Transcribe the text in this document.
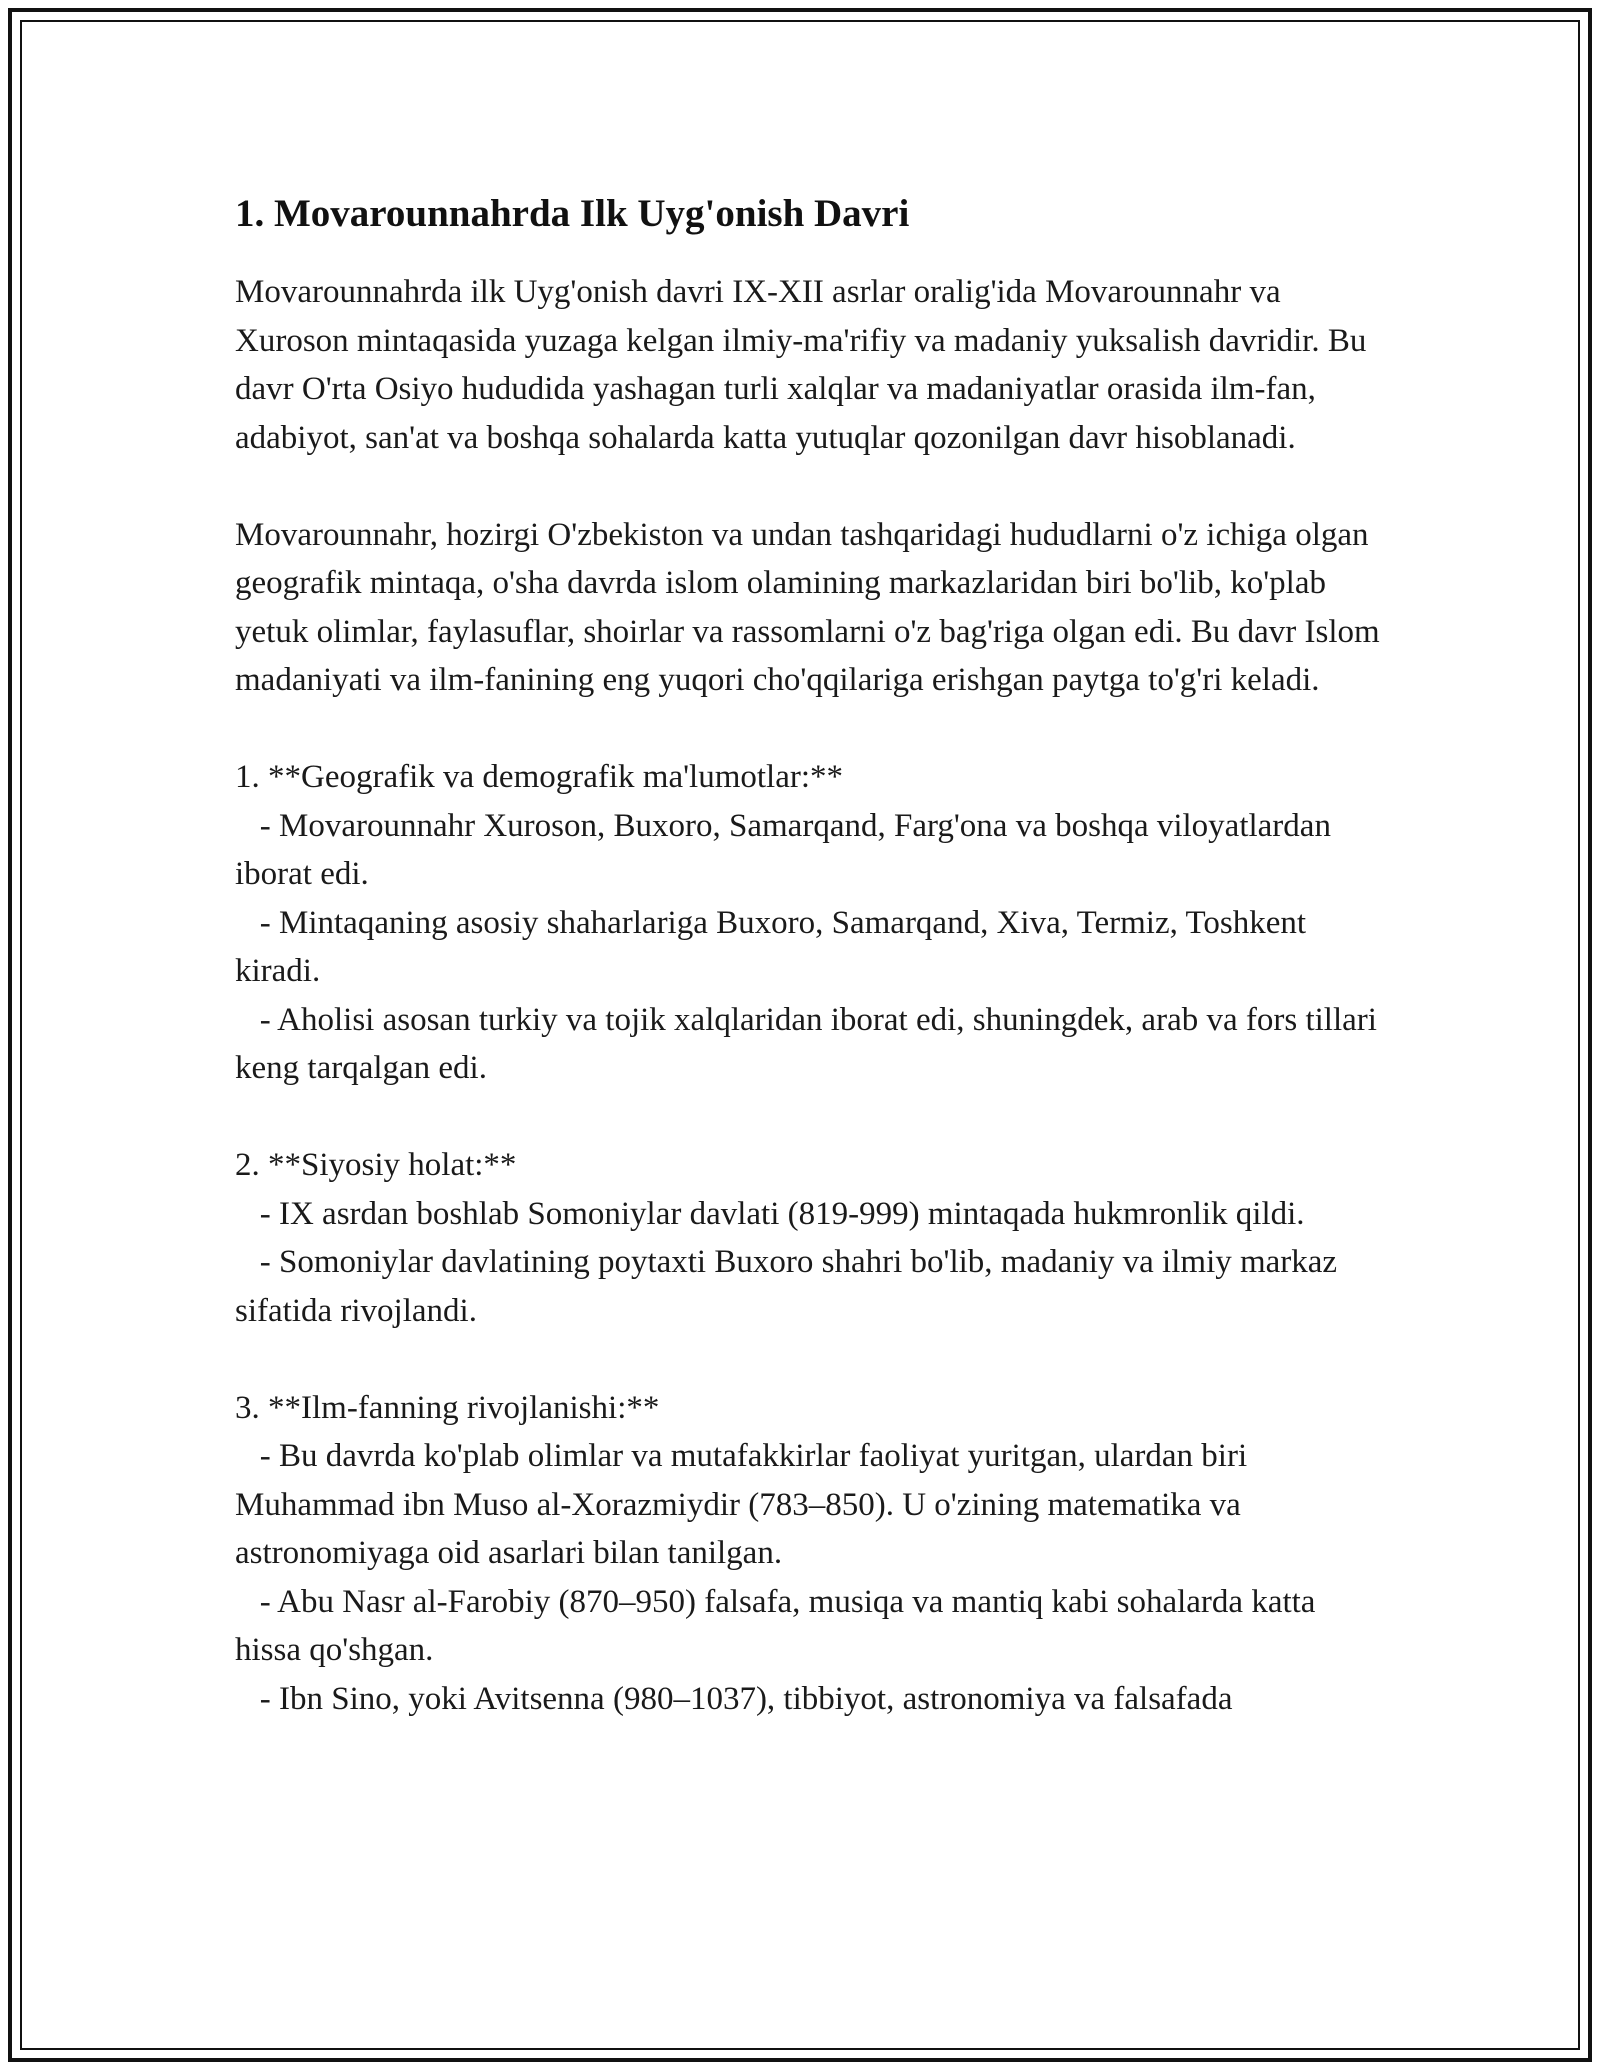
1. Movarounnahrda Ilk Uyg'onish Davri

Movarounnahrda ilk Uyg'onish davri IX-XII asrlar oralig'ida Movarounnahr va Xuroson mintaqasida yuzaga kelgan ilmiy-ma'rifiy va madaniy yuksalish davridir. Bu davr O'rta Osiyo hududida yashagan turli xalqlar va madaniyatlar orasida ilm-fan, adabiyot, san'at va boshqa sohalarda katta yutuqlar qozonilgan davr hisoblanadi.

Movarounnahr, hozirgi O'zbekiston va undan tashqaridagi hududlarni o'z ichiga olgan geografik mintaqa, o'sha davrda islom olamining markazlaridan biri bo'lib, ko'plab yetuk olimlar, faylasuflar, shoirlar va rassomlarni o'z bag'riga olgan edi. Bu davr Islom madaniyati va ilm-fanining eng yuqori cho'qqilariga erishgan paytga to'g'ri keladi.

1. **Geografik va demografik ma'lumotlar:**

- Movarounnahr Xuroson, Buxoro, Samarqand, Farg'ona va boshqa viloyatlardan iborat edi.

- Mintaqaning asosiy shaharlariga Buxoro, Samarqand, Xiva, Termiz, Toshkent kiradi.

- Aholisi asosan turkiy va tojik xalqlaridan iborat edi, shuningdek, arab va fors tillari keng tarqalgan edi.

2. **Siyosiy holat:**

- IX asrdan boshlab Somoniylar davlati (819-999) mintaqada hukmronlik qildi.

- Somoniylar davlatining poytaxti Buxoro shahri bo'lib, madaniy va ilmiy markaz sifatida rivojlandi.

3. **Ilm-fanning rivojlanishi:**

- Bu davrda ko'plab olimlar va mutafakkirlar faoliyat yuritgan, ulardan biri Muhammad ibn Muso al-Xorazmiydir (783–850). U o'zining matematika va astronomiyaga oid asarlari bilan tanilgan.

- Abu Nasr al-Farobiy (870–950) falsafa, musiqa va mantiq kabi sohalarda katta hissa qo'shgan.

- Ibn Sino, yoki Avitsenna (980–1037), tibbiyot, astronomiya va falsafada
